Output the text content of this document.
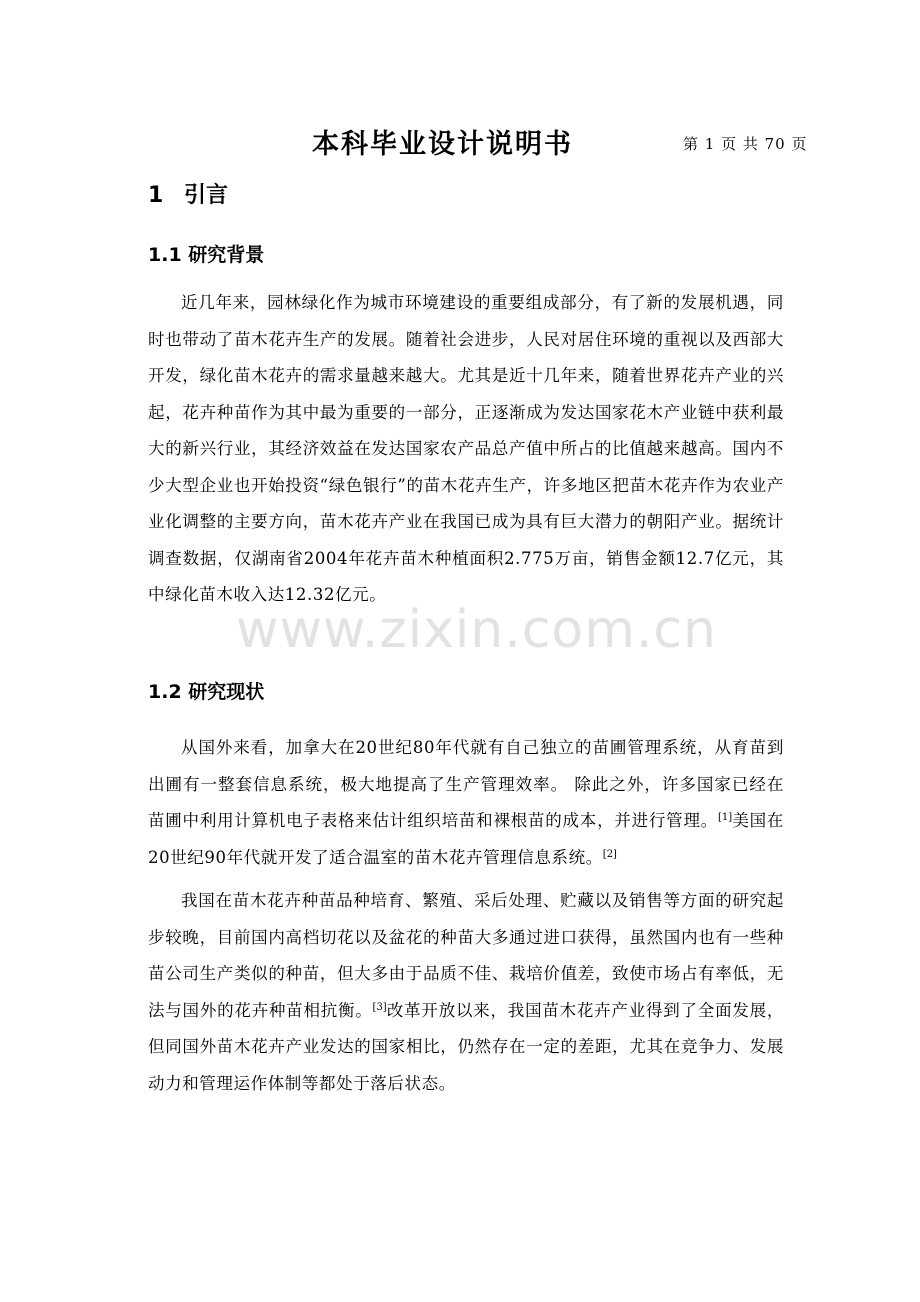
本科毕业设计说明书	第 1 页 共 70 页
1 引言
1.1 研究背景
近几年来，园林绿化作为城市环境建设的重要组成部分，有了新的发展机遇，同时也带动了苗木花卉生产的发展。随着社会进步，人民对居住环境的重视以及西部大开发，绿化苗木花卉的需求量越来越大。尤其是近十几年来，随着世界花卉产业的兴起，花卉种苗作为其中最为重要的一部分，正逐渐成为发达国家花木产业链中获利最大的新兴行业，其经济效益在发达国家农产品总产值中所占的比值越来越高。国内不少大型企业也开始投资“绿色银行”的苗木花卉生产，许多地区把苗木花卉作为农业产业化调整的主要方向，苗木花卉产业在我国已成为具有巨大潜力的朝阳产业。据统计调查数据，仅湖南省2004年花卉苗木种植面积2.775万亩，销售金额12.7亿元，其中绿化苗木收入达12.32亿元。
www.zixin.com.cn
1.2 研究现状
从国外来看，加拿大在20世纪80年代就有自己独立的苗圃管理系统，从育苗到出圃有一整套信息系统，极大地提高了生产管理效率。 除此之外，许多国家已经在苗圃中利用计算机电子表格来估计组织培苗和裸根苗的成本，并进行管理。[1]美国在20世纪90年代就开发了适合温室的苗木花卉管理信息系统。[2]
我国在苗木花卉种苗品种培育、繁殖、采后处理、贮藏以及销售等方面的研究起步较晚，目前国内高档切花以及盆花的种苗大多通过进口获得，虽然国内也有一些种苗公司生产类似的种苗，但大多由于品质不佳、栽培价值差，致使市场占有率低，无法与国外的花卉种苗相抗衡。[3]改革开放以来，我国苗木花卉产业得到了全面发展，但同国外苗木花卉产业发达的国家相比，仍然存在一定的差距，尤其在竞争力、发展动力和管理运作体制等都处于落后状态。
